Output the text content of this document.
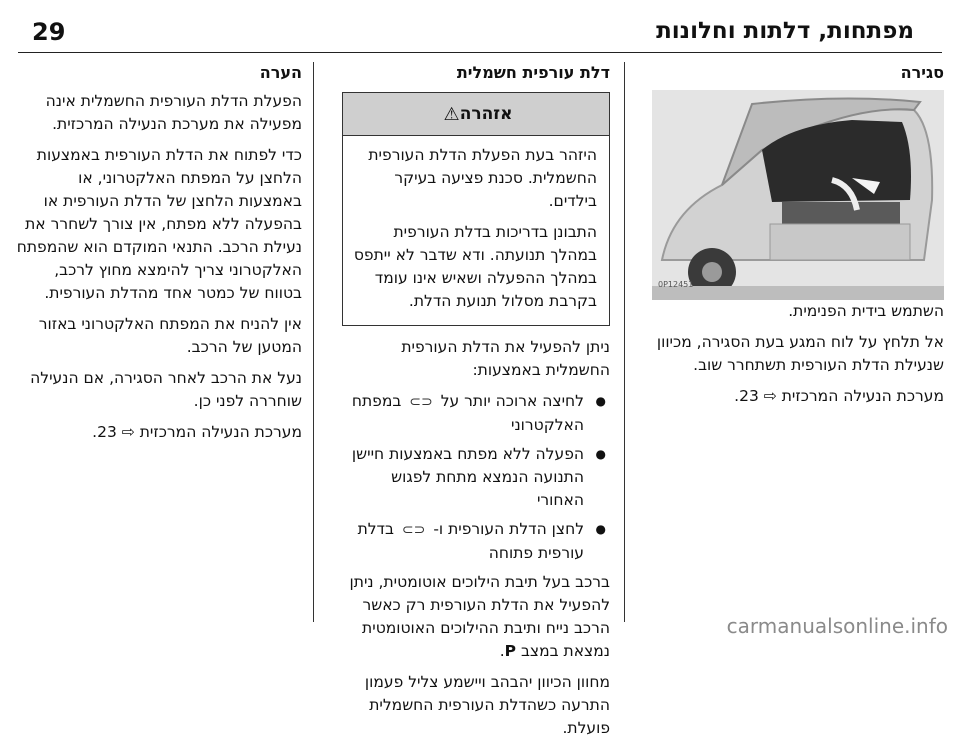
29	מפתחות, דלתות וחלונות
סגירה
0P12451

השתמש בידית הפנימית.

אל תלחץ על לוח המגע בעת הסגירה, מכיוון שנעילת הדלת העורפית תשתחרר שוב.

מערכת הנעילה המרכזית ⇨ 23.

דלת עורפית חשמלית
אזהרה
⚠

היזהר בעת הפעלת הדלת העורפית החשמלית. סכנת פציעה בעיקר בילדים.

התבונן בדריכות בדלת העורפית במהלך תנועתה. ודא שדבר לא ייתפס במהלך ההפעלה ושאיש אינו עומד בקרבת מסלול תנועת הדלת.

ניתן להפעיל את הדלת העורפית החשמלית באמצעות:

● לחיצה ארוכה יותר על ⊂⊃ במפתח האלקטרוני
● הפעלה ללא מפתח באמצעות חיישן התנועה הנמצא מתחת לפגוש האחורי
● לחצן הדלת העורפית ו- ⊂⊃ בדלת עורפית פתוחה

ברכב בעל תיבת הילוכים אוטומטית, ניתן להפעיל את הדלת העורפית רק כאשר הרכב נייח ותיבת ההילוכים האוטומטית נמצאת במצב P.

מחוון הכיוון יהבהב ויישמע צליל פעמון התרעה כשהדלת העורפית החשמלית פועלת.

הערה

הפעלת הדלת העורפית החשמלית אינה מפעילה את מערכת הנעילה המרכזית.

כדי לפתוח את הדלת העורפית באמצעות הלחצן על המפתח האלקטרוני, או באמצעות הלחצן של הדלת העורפית או בהפעלה ללא מפתח, אין צורך לשחרר את נעילת הרכב. התנאי המוקדם הוא שהמפתח האלקטרוני צריך להימצא מחוץ לרכב, בטווח של כמטר אחד מהדלת העורפית.

אין להניח את המפתח האלקטרוני באזור המטען של הרכב.

נעל את הרכב לאחר הסגירה, אם הנעילה שוחררה לפני כן.

מערכת הנעילה המרכזית ⇨ 23.

carmanualsonline.info
